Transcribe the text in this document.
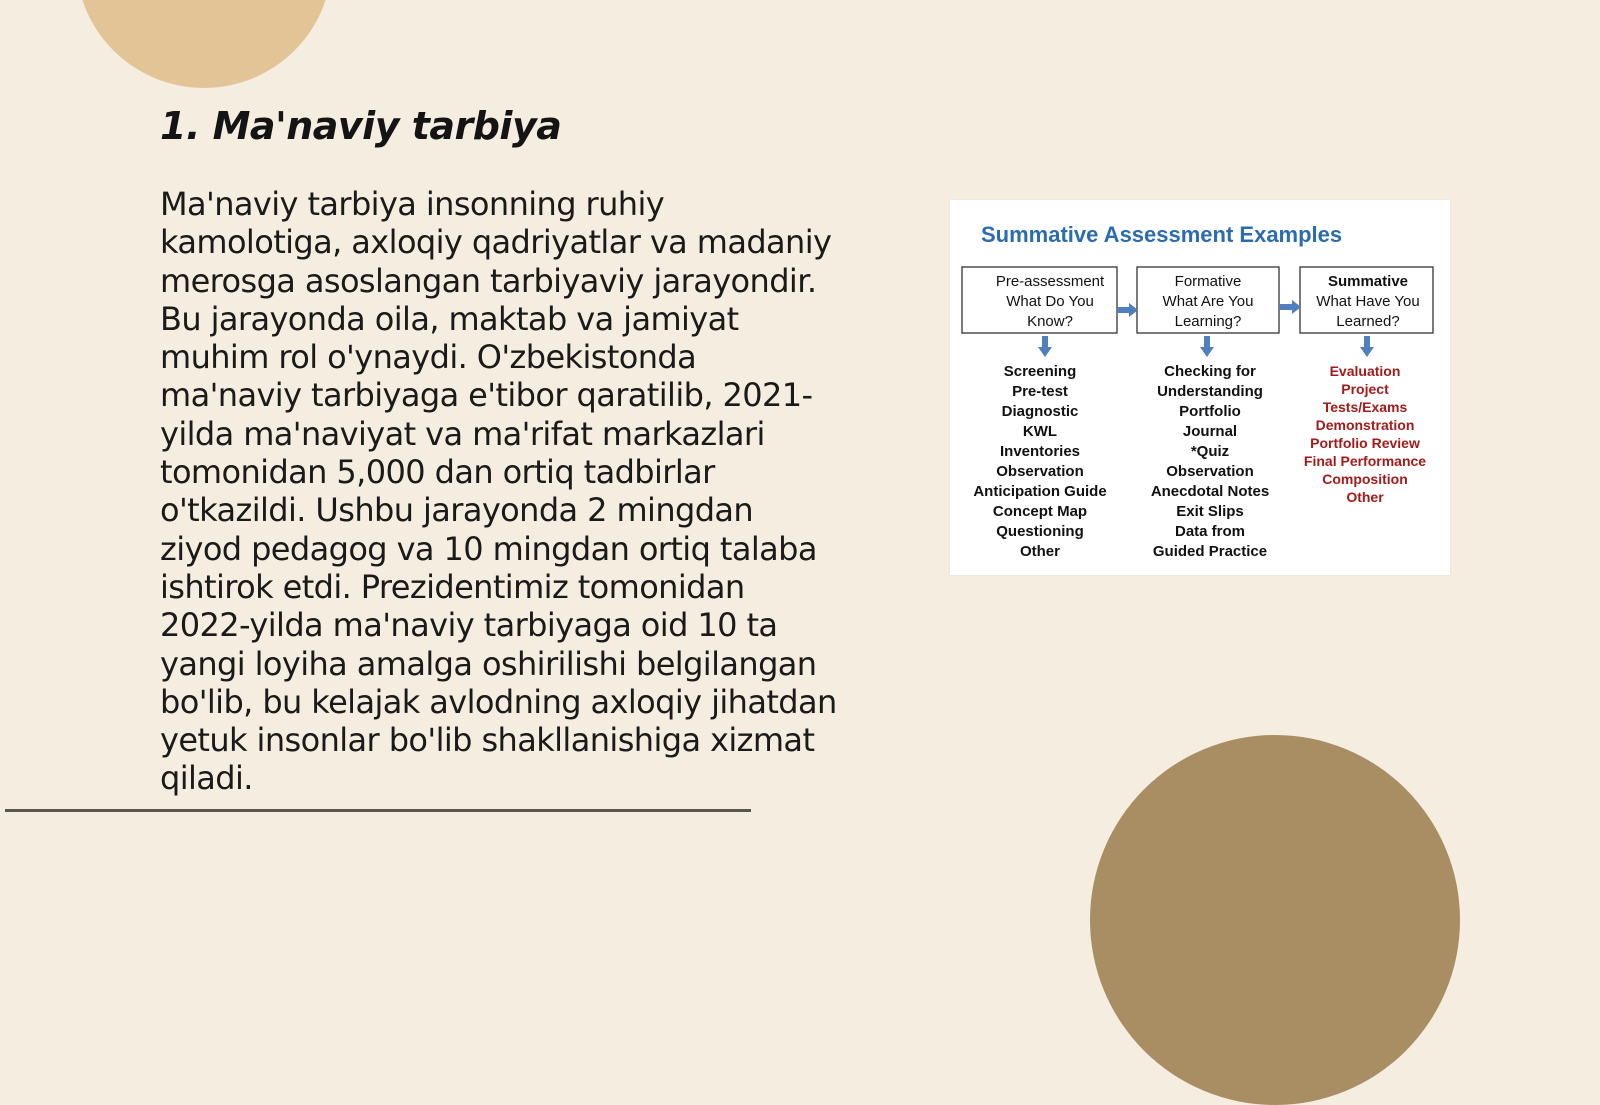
1. Ma'naviy tarbiya

Ma'naviy tarbiya insonning ruhiy kamolotiga, axloqiy qadriyatlar va madaniy merosga asoslangan tarbiyaviy jarayondir. Bu jarayonda oila, maktab va jamiyat muhim rol o'ynaydi. O'zbekistonda ma'naviy tarbiyaga e'tibor qaratilib, 2021-yilda ma'naviyat va ma'rifat markazlari tomonidan 5,000 dan ortiq tadbirlar o'tkazildi. Ushbu jarayonda 2 mingdan ziyod pedagog va 10 mingdan ortiq talaba ishtirok etdi. Prezidentimiz tomonidan 2022-yilda ma'naviy tarbiyaga oid 10 ta yangi loyiha amalga oshirilishi belgilangan bo'lib, bu kelajak avlodning axloqiy jihatdan yetuk insonlar bo'lib shakllanishiga xizmat qiladi.

Summative Assessment Examples
Pre-assessment
What Do You
Know?
Formative
What Are You
Learning?
Summative
What Have You
Learned?
Screening
Pre-test
Diagnostic
KWL
Inventories
Observation
Anticipation Guide
Concept Map
Questioning
Other
Checking for
Understanding
Portfolio
Journal
*Quiz
Observation
Anecdotal Notes
Exit Slips
Data from
Guided Practice
Evaluation
Project
Tests/Exams
Demonstration
Portfolio Review
Final Performance
Composition
Other
